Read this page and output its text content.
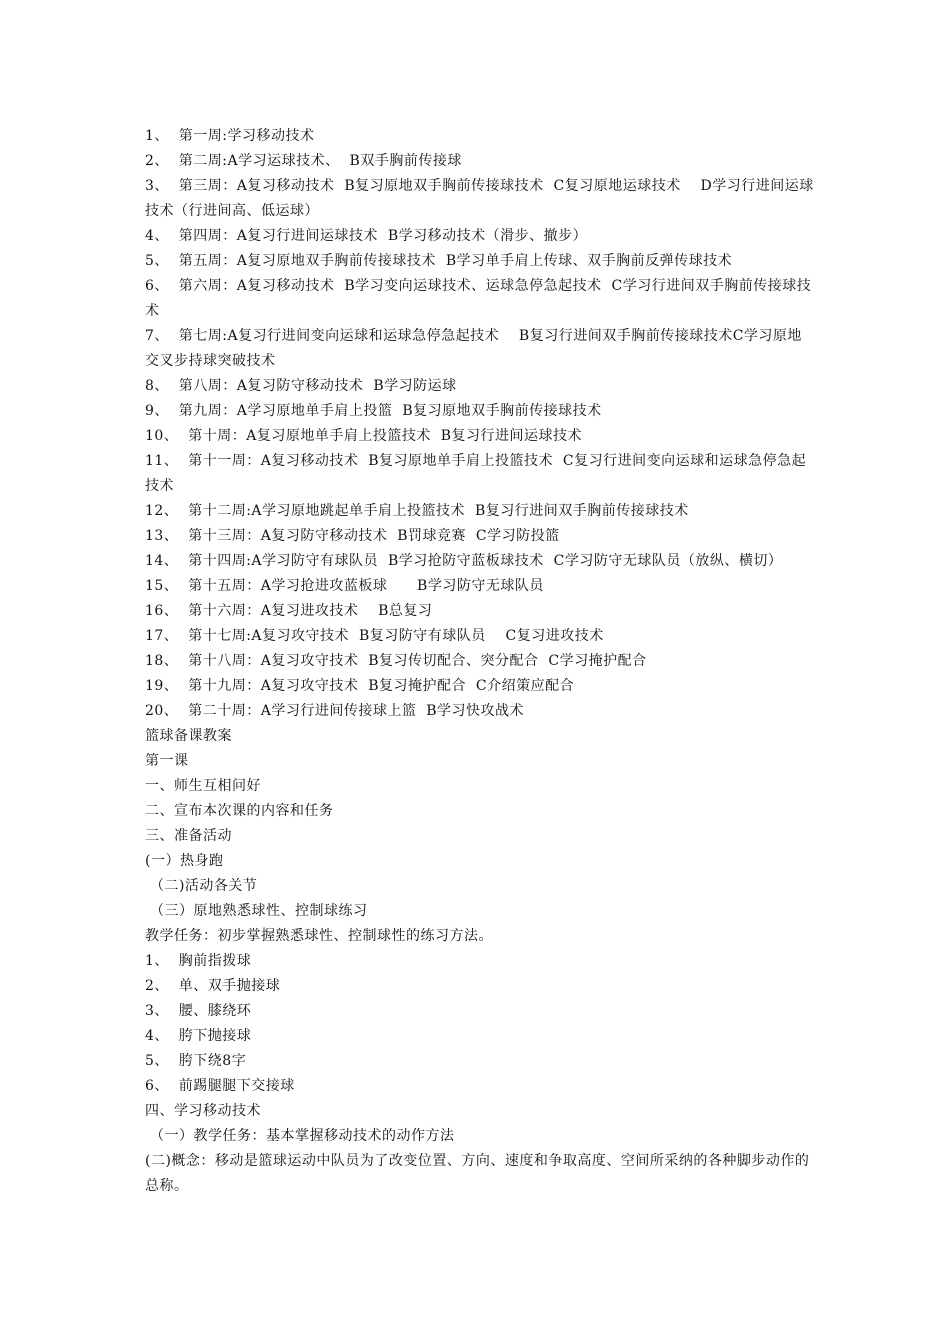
1、  第一周:学习移动技术

2、  第二周:A学习运球技术、  B双手胸前传接球

3、  第三周：A复习移动技术  B复习原地双手胸前传接球技术  C复习原地运球技术    D学习行进间运球技术（行进间高、低运球）

4、  第四周：A复习行进间运球技术  B学习移动技术（滑步、撤步）

5、  第五周：A复习原地双手胸前传接球技术  B学习单手肩上传球、双手胸前反弹传球技术

6、  第六周：A复习移动技术  B学习变向运球技术、运球急停急起技术  C学习行进间双手胸前传接球技术

7、  第七周:A复习行进间变向运球和运球急停急起技术    B复习行进间双手胸前传接球技术C学习原地交叉步持球突破技术

8、  第八周：A复习防守移动技术  B学习防运球

9、  第九周：A学习原地单手肩上投篮  B复习原地双手胸前传接球技术

10、  第十周：A复习原地单手肩上投篮技术  B复习行进间运球技术

11、  第十一周：A复习移动技术  B复习原地单手肩上投篮技术  C复习行进间变向运球和运球急停急起技术

12、  第十二周:A学习原地跳起单手肩上投篮技术  B复习行进间双手胸前传接球技术

13、  第十三周：A复习防守移动技术  B罚球竞赛  C学习防投篮

14、  第十四周:A学习防守有球队员  B学习抢防守蓝板球技术  C学习防守无球队员（放纵、横切）

15、  第十五周：A学习抢进攻蓝板球      B学习防守无球队员

16、  第十六周：A复习进攻技术    B总复习

17、  第十七周:A复习攻守技术  B复习防守有球队员    C复习进攻技术

18、  第十八周：A复习攻守技术  B复习传切配合、突分配合  C学习掩护配合

19、  第十九周：A复习攻守技术  B复习掩护配合  C介绍策应配合

20、  第二十周：A学习行进间传接球上篮  B学习快攻战术

篮球备课教案

第一课

一、师生互相问好

二、宣布本次课的内容和任务

三、准备活动

(一）热身跑

（二)活动各关节

（三）原地熟悉球性、控制球练习

教学任务：初步掌握熟悉球性、控制球性的练习方法。

1、  胸前指拨球

2、  单、双手抛接球

3、  腰、膝绕环

4、  胯下抛接球

5、  胯下绕8字

6、  前踢腿腿下交接球

四、学习移动技术

（一）教学任务：基本掌握移动技术的动作方法

(二)概念：移动是篮球运动中队员为了改变位置、方向、速度和争取高度、空间所采纳的各种脚步动作的总称。
